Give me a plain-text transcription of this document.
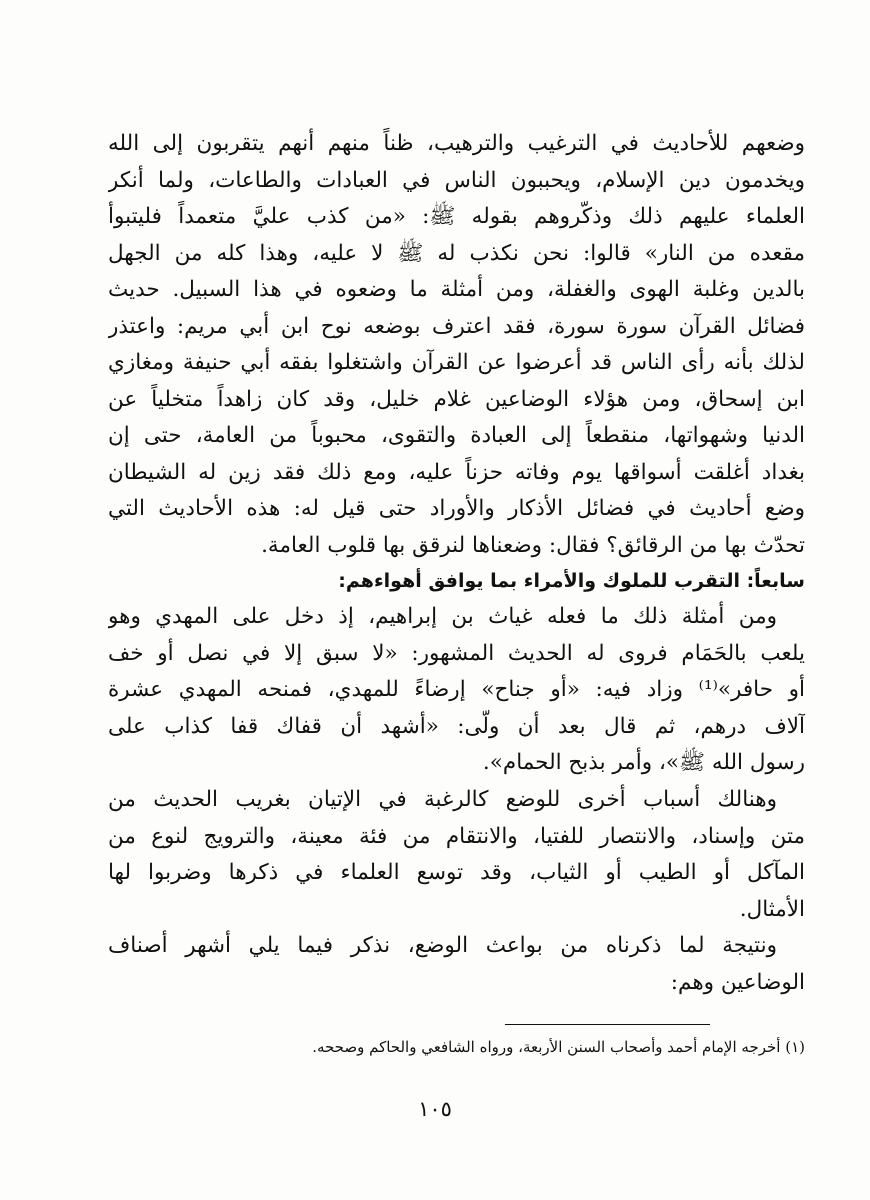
وضعهم للأحاديث في الترغيب والترهيب، ظناً منهم أنهم يتقربون إلى الله
ويخدمون دين الإسلام، ويحببون الناس في العبادات والطاعات، ولما أنكر
العلماء عليهم ذلك وذكّروهم بقوله ﷺ: «من كذب عليَّ متعمداً فليتبوأ
مقعده من النار» قالوا: نحن نكذب له ﷺ لا عليه، وهذا كله من الجهل
بالدين وغلبة الهوى والغفلة، ومن أمثلة ما وضعوه في هذا السبيل. حديث
فضائل القرآن سورة سورة، فقد اعترف بوضعه نوح ابن أبي مريم: واعتذر
لذلك بأنه رأى الناس قد أعرضوا عن القرآن واشتغلوا بفقه أبي حنيفة ومغازي
ابن إسحاق، ومن هؤلاء الوضاعين غلام خليل، وقد كان زاهداً متخلياً عن
الدنيا وشهواتها، منقطعاً إلى العبادة والتقوى، محبوباً من العامة، حتى إن
بغداد أغلقت أسواقها يوم وفاته حزناً عليه، ومع ذلك فقد زين له الشيطان
وضع أحاديث في فضائل الأذكار والأوراد حتى قيل له: هذه الأحاديث التي
تحدّث بها من الرقائق؟ فقال: وضعناها لنرقق بها قلوب العامة.
سابعاً: التقرب للملوك والأمراء بما يوافق أهواءهم:
ومن أمثلة ذلك ما فعله غياث بن إبراهيم، إذ دخل على المهدي وهو
يلعب بالحَمَام فروى له الحديث المشهور: «لا سبق إلا في نصل أو خف
أو حافر»⁽¹⁾ وزاد فيه: «أو جناح» إرضاءً للمهدي، فمنحه المهدي عشرة
آلاف درهم، ثم قال بعد أن ولّى: «أشهد أن قفاك قفا كذاب على
رسول الله ﷺ»، وأمر بذبح الحمام».
وهنالك أسباب أخرى للوضع كالرغبة في الإتيان بغريب الحديث من
متن وإسناد، والانتصار للفتيا، والانتقام من فئة معينة، والترويج لنوع من
المآكل أو الطيب أو الثياب، وقد توسع العلماء في ذكرها وضربوا لها
الأمثال.
ونتيجة لما ذكرناه من بواعث الوضع، نذكر فيما يلي أشهر أصناف
الوضاعين وهم:
(١) أخرجه الإمام أحمد وأصحاب السنن الأربعة، ورواه الشافعي والحاكم وصححه.
١٠٥
